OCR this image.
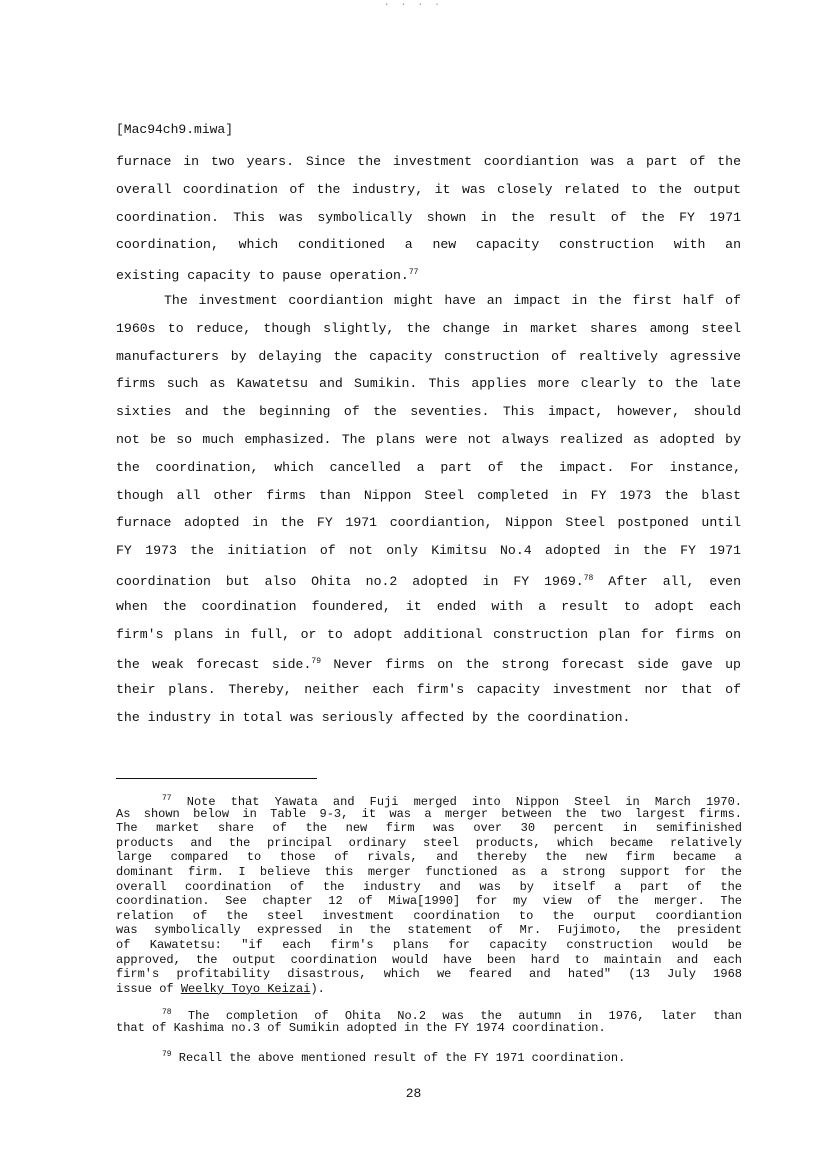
· · · ·
[Mac94ch9.miwa]
furnace in two years. Since the investment coordiantion was a part of the
overall coordination of the industry, it was closely related to the output
coordination. This was symbolically shown in the result of the FY 1971
coordination, which conditioned a new capacity construction with an
existing capacity to pause operation.$^{77}$
The investment coordiantion might have an impact in the first half of
1960s to reduce, though slightly, the change in market shares among steel
manufacturers by delaying the capacity construction of realtively agressive
firms such as Kawatetsu and Sumikin. This applies more clearly to the late
sixties and the beginning of the seventies. This impact, however, should
not be so much emphasized. The plans were not always realized as adopted by
the coordination, which cancelled a part of the impact. For instance,
though all other firms than Nippon Steel completed in FY 1973 the blast
furnace adopted in the FY 1971 coordiantion, Nippon Steel postponed until
FY 1973 the initiation of not only Kimitsu No.4 adopted in the FY 1971
coordination but also Ohita no.2 adopted in FY 1969.78 After all, even
when the coordination foundered, it ended with a result to adopt each
firm's plans in full, or to adopt additional construction plan for firms on
the weak forecast side.$^{79}$ Never firms on the strong forecast side gave up
their plans. Thereby, neither each firm's capacity investment nor that of
the industry in total was seriously affected by the coordination.
$^{77}$ Note that Yawata and Fuji merged into Nippon Steel in March 1970.
As shown below in Table 9-3, it was a merger between the two largest firms.
The market share of the new firm was over 30 percent in semifinished
products and the principal ordinary steel products, which became relatively
large compared to those of rivals, and thereby the new firm became a
dominant firm. I believe this merger functioned as a strong support for the
overall coordination of the industry and was by itself a part of the
coordination. See chapter 12 of Miwa[1990] for my view of the merger. The
relation of the steel investment coordination to the ourput coordiantion
was symbolically expressed in the statement of Mr. Fujimoto, the president
of Kawatetsu: "if each firm's plans for capacity construction would be
approved, the output coordination would have been hard to maintain and each
firm's profitability disastrous, which we feared and hated" (13 July 1968
issue of Weelky Toyo Keizai).
$^{78}$ The completion of Ohita No.2 was the autumn in 1976, later than
that of Kashima no.3 of Sumikin adopted in the FY 1974 coordination.
$^{79}$ Recall the above mentioned result of the FY 1971 coordination.
28
